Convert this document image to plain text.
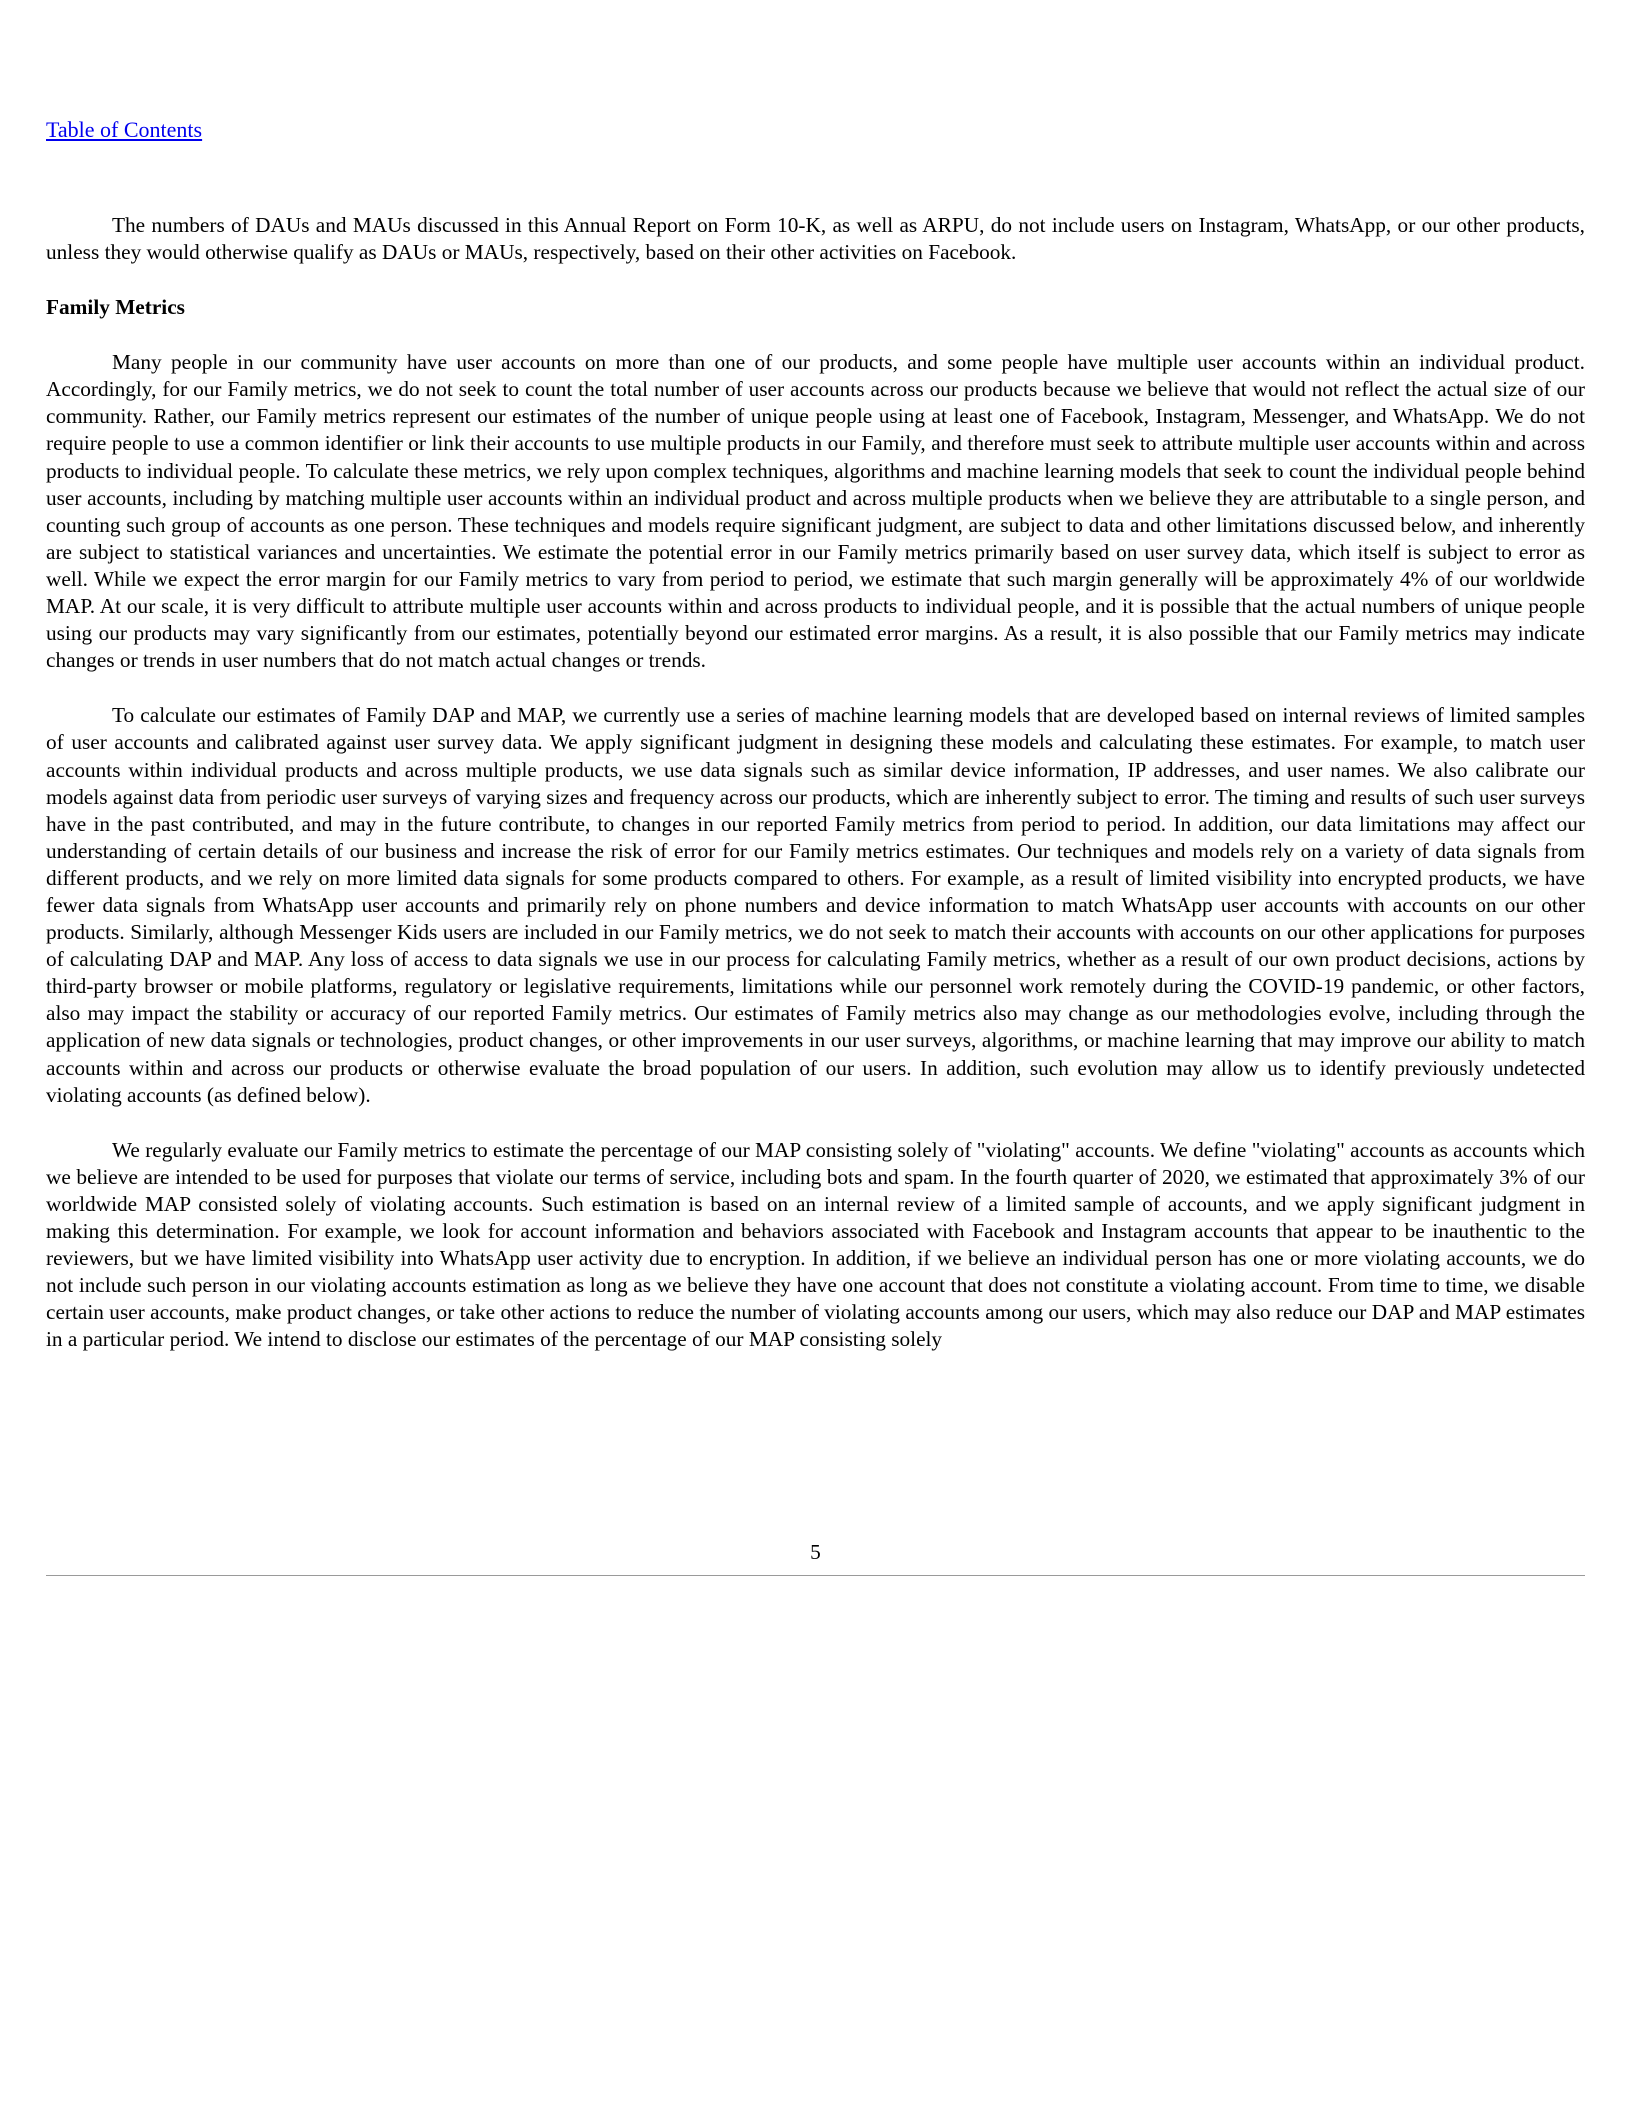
Table of Contents

The numbers of DAUs and MAUs discussed in this Annual Report on Form 10-K, as well as ARPU, do not include users on Instagram, WhatsApp, or our other products, unless they would otherwise qualify as DAUs or MAUs, respectively, based on their other activities on Facebook.

Family Metrics

Many people in our community have user accounts on more than one of our products, and some people have multiple user accounts within an individual product. Accordingly, for our Family metrics, we do not seek to count the total number of user accounts across our products because we believe that would not reflect the actual size of our community. Rather, our Family metrics represent our estimates of the number of unique people using at least one of Facebook, Instagram, Messenger, and WhatsApp. We do not require people to use a common identifier or link their accounts to use multiple products in our Family, and therefore must seek to attribute multiple user accounts within and across products to individual people. To calculate these metrics, we rely upon complex techniques, algorithms and machine learning models that seek to count the individual people behind user accounts, including by matching multiple user accounts within an individual product and across multiple products when we believe they are attributable to a single person, and counting such group of accounts as one person. These techniques and models require significant judgment, are subject to data and other limitations discussed below, and inherently are subject to statistical variances and uncertainties. We estimate the potential error in our Family metrics primarily based on user survey data, which itself is subject to error as well. While we expect the error margin for our Family metrics to vary from period to period, we estimate that such margin generally will be approximately 4% of our worldwide MAP. At our scale, it is very difficult to attribute multiple user accounts within and across products to individual people, and it is possible that the actual numbers of unique people using our products may vary significantly from our estimates, potentially beyond our estimated error margins. As a result, it is also possible that our Family metrics may indicate changes or trends in user numbers that do not match actual changes or trends.

To calculate our estimates of Family DAP and MAP, we currently use a series of machine learning models that are developed based on internal reviews of limited samples of user accounts and calibrated against user survey data. We apply significant judgment in designing these models and calculating these estimates. For example, to match user accounts within individual products and across multiple products, we use data signals such as similar device information, IP addresses, and user names. We also calibrate our models against data from periodic user surveys of varying sizes and frequency across our products, which are inherently subject to error. The timing and results of such user surveys have in the past contributed, and may in the future contribute, to changes in our reported Family metrics from period to period. In addition, our data limitations may affect our understanding of certain details of our business and increase the risk of error for our Family metrics estimates. Our techniques and models rely on a variety of data signals from different products, and we rely on more limited data signals for some products compared to others. For example, as a result of limited visibility into encrypted products, we have fewer data signals from WhatsApp user accounts and primarily rely on phone numbers and device information to match WhatsApp user accounts with accounts on our other products. Similarly, although Messenger Kids users are included in our Family metrics, we do not seek to match their accounts with accounts on our other applications for purposes of calculating DAP and MAP. Any loss of access to data signals we use in our process for calculating Family metrics, whether as a result of our own product decisions, actions by third-party browser or mobile platforms, regulatory or legislative requirements, limitations while our personnel work remotely during the COVID-19 pandemic, or other factors, also may impact the stability or accuracy of our reported Family metrics. Our estimates of Family metrics also may change as our methodologies evolve, including through the application of new data signals or technologies, product changes, or other improvements in our user surveys, algorithms, or machine learning that may improve our ability to match accounts within and across our products or otherwise evaluate the broad population of our users. In addition, such evolution may allow us to identify previously undetected violating accounts (as defined below).

We regularly evaluate our Family metrics to estimate the percentage of our MAP consisting solely of "violating" accounts. We define "violating" accounts as accounts which we believe are intended to be used for purposes that violate our terms of service, including bots and spam. In the fourth quarter of 2020, we estimated that approximately 3% of our worldwide MAP consisted solely of violating accounts. Such estimation is based on an internal review of a limited sample of accounts, and we apply significant judgment in making this determination. For example, we look for account information and behaviors associated with Facebook and Instagram accounts that appear to be inauthentic to the reviewers, but we have limited visibility into WhatsApp user activity due to encryption. In addition, if we believe an individual person has one or more violating accounts, we do not include such person in our violating accounts estimation as long as we believe they have one account that does not constitute a violating account. From time to time, we disable certain user accounts, make product changes, or take other actions to reduce the number of violating accounts among our users, which may also reduce our DAP and MAP estimates in a particular period. We intend to disclose our estimates of the percentage of our MAP consisting solely

5
